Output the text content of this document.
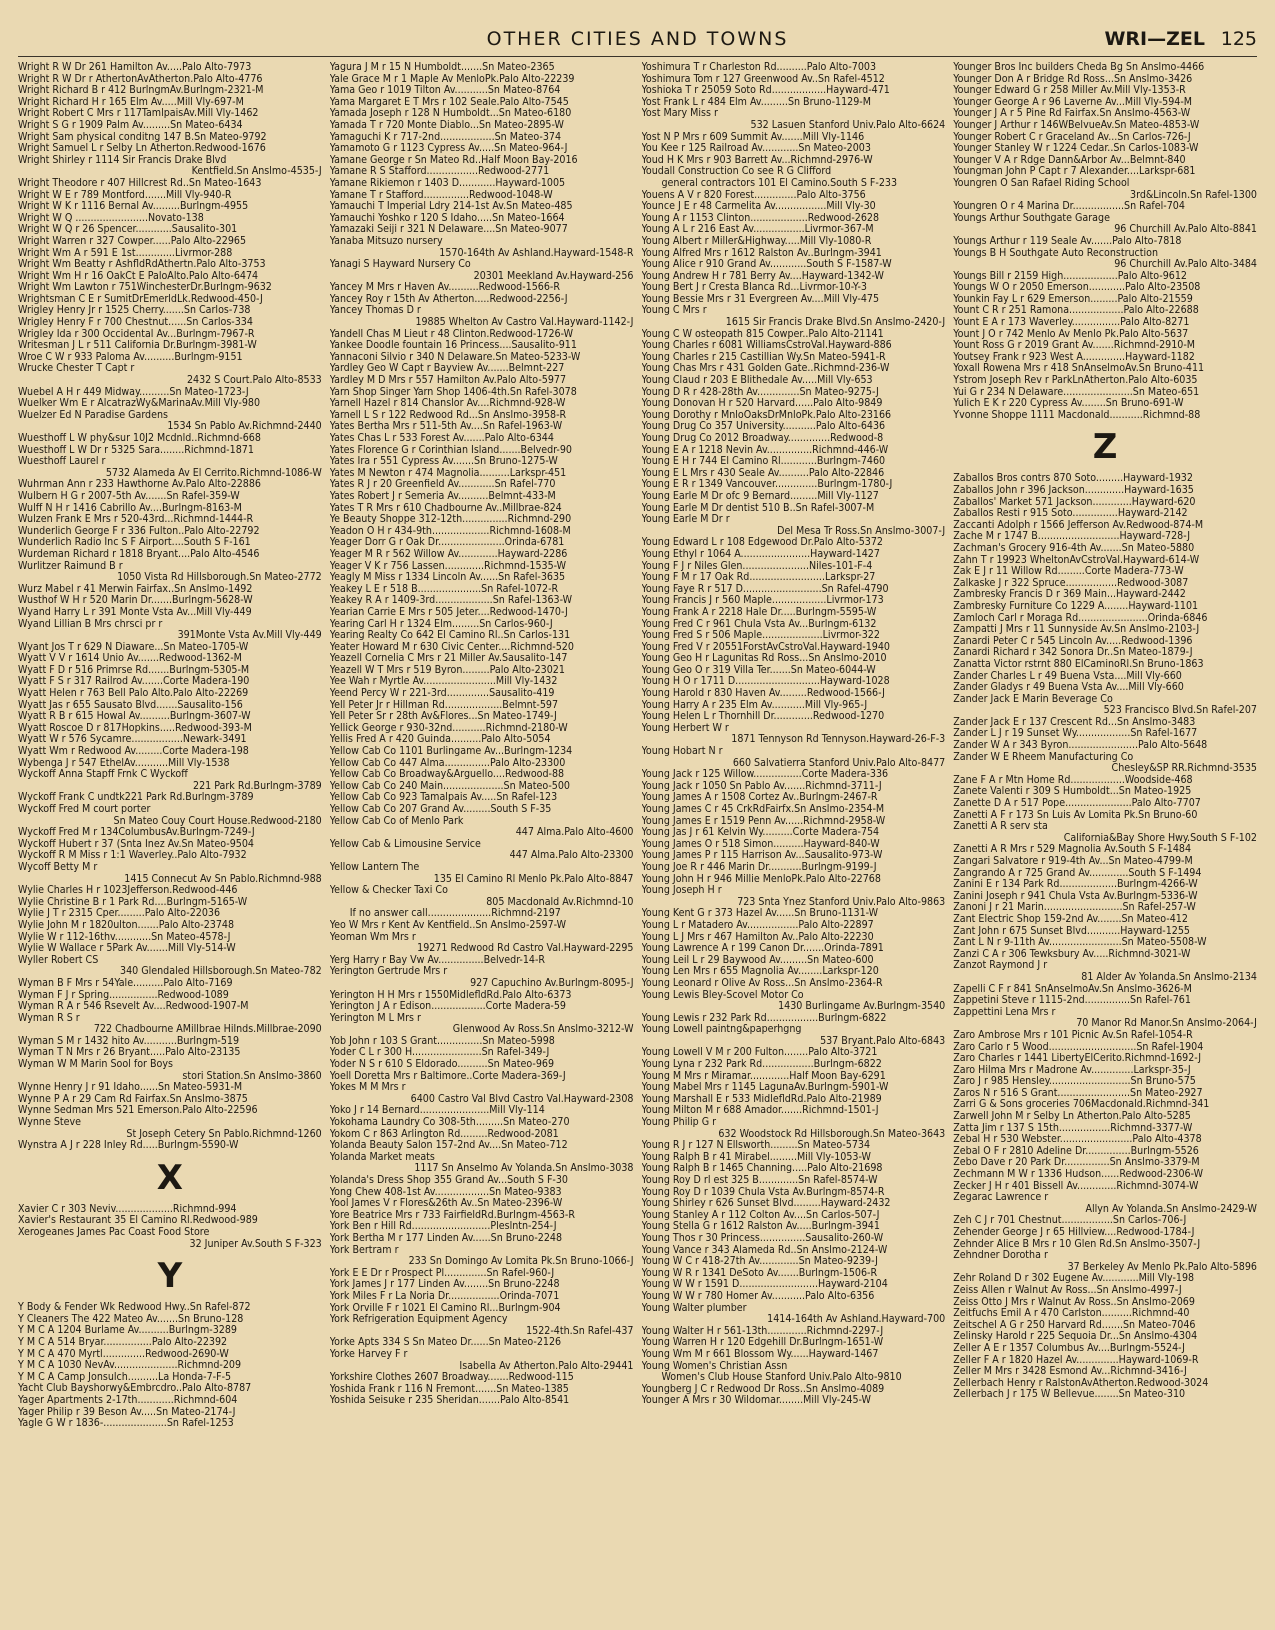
OTHER CITIES AND TOWNS	WRI—ZEL 125
Wright R W Dr 261 Hamilton Av.....Palo Alto-7973
Wright R W Dr r AthertonAvAtherton.Palo Alto-4776
Wright Richard B r 412 BurlngmAv.Burlngm-2321-M
Wright Richard H r 165 Elm Av.....Mill Vly-697-M
Wright Robert C Mrs r 117TamlpaisAv.Mill Vly-1462
Wright S G r 1909 Palm Av.........Sn Mateo-6434
Wright Sam physical conditng 147 B.Sn Mateo-9792
Wright Samuel L r Selby Ln Atherton.Redwood-1676
Wright Shirley r 1114 Sir Francis Drake Blvd
Kentfield.Sn Anslmo-4535-J
Wright Theodore r 407 Hillcrest Rd..Sn Mateo-1643
Wright W E r 789 Montford.......Mill Vly-940-R
Wright W K r 1116 Bernal Av.........Burlngm-4955
Wright W Q ........................Novato-138
Wright W Q r 26 Spencer............Sausalito-301
Wright Warren r 327 Cowper......Palo Alto-22965
Wright Wm A r 591 E 1st.............Livrmor-288
Wright Wm Beatty r AshfldRdAthertn.Palo Alto-3753
Wright Wm H r 16 OakCt E PaloAlto.Palo Alto-6474
Wright Wm Lawton r 751WinchesterDr.Burlngm-9632
Wrightsman C E r SumitDrEmerldLk.Redwood-450-J
Wrigley Henry Jr r 1525 Cherry.......Sn Carlos-738
Wrigley Henry F r 700 Chestnut......Sn Carlos-334
Wrigley Ida r 300 Occidental Av...Burlngm-7967-R
Writesman J L r 511 California Dr.Burlngm-3981-W
Wroe C W r 933 Paloma Av..........Burlngm-9151
Wrucke Chester T Capt r
2432 S Court.Palo Alto-8533
Wuebel A H r 449 Midway..........Sn Mateo-1723-J
Wuelker Wm E r AlcatrazWy&MarinaAv.Mill Vly-980
Wuelzer Ed N Paradise Gardens
1534 Sn Pablo Av.Richmnd-2440
Wuesthoff L W phy&sur 10J2 Mcdnld..Richmnd-668
Wuesthoff L W Dr r 5325 Sara........Richmnd-1871
Wuesthoff Laurel r
5732 Alameda Av El Cerrito.Richmnd-1086-W
Wuhrman Ann r 233 Hawthorne Av.Palo Alto-22886
Wulbern H G r 2007-5th Av.......Sn Rafel-359-W
Wulff N H r 1416 Cabrillo Av....Burlngm-8163-M
Wulzen Frank E Mrs r 520-43rd...Richmnd-1444-R
Wunderlich George F r 336 Fulton..Palo Alto-22792
Wunderlich Radio Inc S F Airport....South S F-161
Wurdeman Richard r 1818 Bryant....Palo Alto-4546
Wurlitzer Raimund B r
1050 Vista Rd Hillsborough.Sn Mateo-2772
Wurz Mabel r 41 Merwin Fairfax..Sn Anslmo-1492
Wusthof W H r 520 Marin Dr.......Burlngm-5628-W
Wyand Harry L r 391 Monte Vsta Av...Mill Vly-449
Wyand Lillian B Mrs chrsci pr r
391Monte Vsta Av.Mill Vly-449
Wyant Jos T r 629 N Diaware...Sn Mateo-1705-W
Wyatt V V r 1614 Unio Av.......Redwood-1362-M
Wyatt F D r 516 Primrse Rd.......Burlngm-5305-M
Wyatt F S r 317 Railrod Av.......Corte Madera-190
Wyatt Helen r 763 Bell Palo Alto.Palo Alto-22269
Wyatt Jas r 655 Sausato Blvd.......Sausalito-156
Wyatt R B r 615 Howal Av..........Burlngm-3607-W
Wyatt Roscoe D r 817Hopkins.....Redwood-393-M
Wyatt W r 576 Sycamre.................Newark-3491
Wyatt Wm r Redwood Av.........Corte Madera-198
Wybenga J r 547 EthelAv...........Mill Vly-1538
Wyckoff Anna Stapff Frnk C Wyckoff
221 Park Rd.Burlngm-3789
Wyckoff Frank C undtk221 Park Rd.Burlngm-3789
Wyckoff Fred M court porter
Sn Mateo Couy Court House.Redwood-2180
Wyckoff Fred M r 134ColumbusAv.Burlngm-7249-J
Wyckoff Hubert r 37 (Snta Inez Av.Sn Mateo-9504
Wyckoff R M Miss r 1:1 Waverley..Palo Alto-7932
Wycoff Betty M r
1415 Connecut Av Sn Pablo.Richmnd-988
Wylie Charles H r 1023Jefferson.Redwood-446
Wylie Christine B r 1 Park Rd....Burlngm-5165-W
Wylie J T r 2315 Cper.........Palo Alto-22036
Wylie John M r 1820ulton.......Palo Alto-23748
Wylie W r 112-16thv............Sn Mateo-4578-J
Wylie W Wallace r 5Park Av.......Mill Vly-514-W
Wyller Robert CS
340 Glendaled Hillsborough.Sn Mateo-782
Wyman B F Mrs r 54Yale..........Palo Alto-7169
Wyman F J r Spring................Redwood-1089
Wyman R A r 546 Rsevelt Av....Redwood-1907-M
Wyman R S r
722 Chadbourne AMillbrae Hilnds.Millbrae-2090
Wyman S M r 1432 hito Av...........Burlngm-519
Wyman T N Mrs r 26 Bryant.....Palo Alto-23135
Wyman W M Marin Sool for Boys
stori Station.Sn Anslmo-3860
Wynne Henry J r 91 Idaho......Sn Mateo-5931-M
Wynne P A r 29 Cam Rd Fairfax.Sn Anslmo-3875
Wynne Sedman Mrs 521 Emerson.Palo Alto-22596
Wynne Steve
St Joseph Cetery Sn Pablo.Richmnd-1260
Wynstra A J r 228 Inley Rd.....Burlngm-5590-W
X
Xavier C r 303 Neviv...................Richmnd-994
Xavier's Restaurant 35 El Camino Rl.Redwood-989
Xerogeanes James Pac Coast Food Store
32 Juniper Av.South S F-323
Y
Y Body & Fender Wk Redwood Hwy..Sn Rafel-872
Y Cleaners The 422 Mateo Av.......Sn Bruno-128
Y M C A 1204 Burlame Av..........Burlngm-3289
Y M C A 514 Bryar................Palo Alto-22392
Y M C A 470 Myrtl..............Redwood-2690-W
Y M C A 1030 NevAv.....................Richmnd-209
Y M C A Camp Jonsulch..........La Honda-7-F-5
Yacht Club Bayshorwy&Embrcdro..Palo Alto-8787
Yager Apartments 2-17th............Richmnd-604
Yager Philip r 39 Beson Av.....Sn Mateo-2174-J
Yagle G W r 1836-.....................Sn Rafel-1253
Yagura J M r 15 N Humboldt.......Sn Mateo-2365
Yale Grace M r 1 Maple Av MenloPk.Palo Alto-22239
Yama Geo r 1019 Tilton Av...........Sn Mateo-8764
Yama Margaret E T Mrs r 102 Seale.Palo Alto-7545
Yamada Joseph r 128 N Humboldt...Sn Mateo-6180
Yamada T r 720 Monte Diablo...Sn Mateo-2895-W
Yamaguchi K r 717-2nd..................Sn Mateo-374
Yamamoto G r 1123 Cypress Av.....Sn Mateo-964-J
Yamane George r Sn Mateo Rd..Half Moon Bay-2016
Yamane R S Stafford.................Redwood-2771
Yamane Rikiemon r 1403 D............Hayward-1005
Yamane T r Stafford...............Redwood-1048-W
Yamauchi T Imperial Ldry 214-1st Av.Sn Mateo-485
Yamauchi Yoshko r 120 S Idaho.....Sn Mateo-1664
Yamazaki Seiji r 321 N Delaware....Sn Mateo-9077
Yanaba Mitsuzo nursery
1570-164th Av Ashland.Hayward-1548-R
Yanagi S Hayward Nursery Co
20301 Meekland Av.Hayward-256
Yancey M Mrs r Haven Av..........Redwood-1566-R
Yancey Roy r 15th Av Atherton.....Redwood-2256-J
Yancey Thomas D r
19885 Whelton Av Castro Val.Hayward-1142-J
Yandell Chas M Lieut r 48 Clinton.Redwood-1726-W
Yankee Doodle fountain 16 Princess....Sausalito-911
Yannaconi Silvio r 340 N Delaware.Sn Mateo-5233-W
Yardley Geo W Capt r Bayview Av.......Belmnt-227
Yardley M D Mrs r 557 Hamilton Av.Palo Alto-5977
Yarn Shop Singer Yarn Shop 1406-4th.Sn Rafel-3078
Yarnell Hazel r 814 Chanslor Av....Richmnd-928-W
Yarnell L S r 122 Redwood Rd...Sn Anslmo-3958-R
Yates Bertha Mrs r 511-5th Av....Sn Rafel-1963-W
Yates Chas L r 533 Forest Av.......Palo Alto-6344
Yates Florence G r Corinthian Island.......Belvedr-90
Yates Ira r 551 Cypress Av.......Sn Bruno-1275-W
Yates M Newton r 474 Magnolia..........Larkspr-451
Yates R J r 20 Greenfield Av............Sn Rafel-770
Yates Robert J r Semeria Av..........Belmnt-433-M
Yates T R Mrs r 610 Chadbourne Av..Millbrae-824
Ye Beauty Shoppe 312-12th...............Richmnd-290
Yeadon O H r 434-9th...................Richmnd-1608-M
Yeager Dorr G r Oak Dr......................Orinda-6781
Yeager M R r 562 Willow Av.............Hayward-2286
Yeager V K r 756 Lassen.............Richmnd-1535-W
Yeagly M Miss r 1334 Lincoln Av......Sn Rafel-3635
Yeakey L E r 518 B.....................Sn Rafel-1072-R
Yeakey R A r 1409-3rd...................Sn Rafel-1363-W
Yearian Carrie E Mrs r 505 Jeter....Redwood-1470-J
Yearing Carl H r 1324 Elm.........Sn Carlos-960-J
Yearing Realty Co 642 El Camino Rl..Sn Carlos-131
Yeater Howard M r 630 Civic Center....Richmnd-520
Yeazell Cornelia C Mrs r 21 Miller Av.Sausalito-147
Yeazell W T Mrs r 519 Byron.........Palo Alto-23021
Yee Wah r Myrtle Av........................Mill Vly-1432
Yeend Percy W r 221-3rd..............Sausalito-419
Yell Peter Jr r Hillman Rd...................Belmnt-597
Yell Peter Sr r 28th Av&Flores...Sn Mateo-1749-J
Yellick George r 930-32nd...........Richmnd-2180-W
Yellis Fred A r 420 Guinda..........Palo Alto-5054
Yellow Cab Co 1101 Burlingame Av...Burlngm-1234
Yellow Cab Co 447 Alma...............Palo Alto-23300
Yellow Cab Co Broadway&Arguello....Redwood-88
Yellow Cab Co 240 Main....................Sn Mateo-500
Yellow Cab Co 923 Tamalpais Av.....Sn Rafel-123
Yellow Cab Co 207 Grand Av.........South S F-35
Yellow Cab Co of Menlo Park
447 Alma.Palo Alto-4600
Yellow Cab & Limousine Service
447 Alma.Palo Alto-23300
Yellow Lantern The
135 El Camino Rl Menlo Pk.Palo Alto-8847
Yellow & Checker Taxi Co
805 Macdonald Av.Richmnd-10
If no answer call.....................Richmnd-2197
Yeo W Mrs r Kent Av Kentfield..Sn Anslmo-2597-W
Yeoman Wm Mrs r
19271 Redwood Rd Castro Val.Hayward-2295
Yerg Harry r Bay Vw Av...............Belvedr-14-R
Yerington Gertrude Mrs r
927 Capuchino Av.Burlngm-8095-J
Yerington H H Mrs r 1550MidlefldRd.Palo Alto-6373
Yerington J A r Edison..................Corte Madera-59
Yerington M L Mrs r
Glenwood Av Ross.Sn Anslmo-3212-W
Yob John r 103 S Grant...............Sn Mateo-5998
Yoder C L r 300 H.......................Sn Rafel-349-J
Yoder N S r 610 S Eldorado..........Sn Mateo-969
Yoell Doretta Mrs r Baltimore..Corte Madera-369-J
Yokes M M Mrs r
6400 Castro Val Blvd Castro Val.Hayward-2308
Yoko J r 14 Bernard.......................Mill Vly-114
Yokohama Laundry Co 308-5th.........Sn Mateo-270
Yokom C r 863 Arlington Rd.........Redwood-2081
Yolanda Beauty Salon 157-2nd Av....Sn Mateo-712
Yolanda Market meats
1117 Sn Anselmo Av Yolanda.Sn Anslmo-3038
Yolanda's Dress Shop 355 Grand Av...South S F-30
Yong Chew 408-1st Av..................Sn Mateo-9383
Yool James V r Flores&26th Av..Sn Mateo-2396-W
Yore Beatrice Mrs r 733 FairfieldRd.Burlngm-4563-R
York Ben r Hill Rd..........................Pleslntn-254-J
York Bertha M r 177 Linden Av......Sn Bruno-2248
York Bertram r
233 Sn Domingo Av Lomita Pk.Sn Bruno-1066-J
York E E Dr r Prospect Pl..............Sn Rafel-960-J
York James J r 177 Linden Av........Sn Bruno-2248
York Miles F r La Noria Dr.................Orinda-7071
York Orville F r 1021 El Camino Rl...Burlngm-904
York Refrigeration Equipment Agency
1522-4th.Sn Rafel-437
Yorke Apts 334 S Sn Mateo Dr......Sn Mateo-2126
Yorke Harvey F r
Isabella Av Atherton.Palo Alto-29441
Yorkshire Clothes 2607 Broadway.......Redwood-115
Yoshida Frank r 116 N Fremont.......Sn Mateo-1385
Yoshida Seisuke r 235 Sheridan.......Palo Alto-8541
Yoshimura T r Charleston Rd..........Palo Alto-7003
Yoshimura Tom r 127 Greenwood Av..Sn Rafel-4512
Yoshioka T r 25059 Soto Rd..................Hayward-471
Yost Frank L r 484 Elm Av.........Sn Bruno-1129-M
Yost Mary Miss r
532 Lasuen Stanford Univ.Palo Alto-6624
Yost N P Mrs r 609 Summit Av.......Mill Vly-1146
You Kee r 125 Railroad Av............Sn Mateo-2003
Youd H K Mrs r 903 Barrett Av...Richmnd-2976-W
Youdall Construction Co see R G Clifford
general contractors 101 El Camino.South S F-233
Youens A V r 820 Forest..............Palo Alto-3756
Younce J E r 48 Carmelita Av.................Mill Vly-30
Young A r 1153 Clinton...................Redwood-2628
Young A L r 216 East Av.................Livrmor-367-M
Young Albert r Miller&Highway.....Mill Vly-1080-R
Young Alfred Mrs r 1612 Ralston Av..Burlngm-3941
Young Alice r 910 Grand Av............South S F-1587-W
Young Andrew H r 781 Berry Av....Hayward-1342-W
Young Bert J r Cresta Blanca Rd...Livrmor-10-Y-3
Young Bessie Mrs r 31 Evergreen Av....Mill Vly-475
Young C Mrs r
1615 Sir Francis Drake Blvd.Sn Anslmo-2420-J
Young C W osteopath 815 Cowper..Palo Alto-21141
Young Charles r 6081 WilliamsCstroVal.Hayward-886
Young Charles r 215 Castillian Wy.Sn Mateo-5941-R
Young Chas Mrs r 431 Golden Gate..Richmnd-236-W
Young Claud r 203 E Blithedale Av.....Mill Vly-653
Young D R r 428-28th Av..............Sn Mateo-9275-J
Young Donovan H r 520 Harvard......Palo Alto-9849
Young Dorothy r MnloOaksDrMnloPk.Palo Alto-23166
Young Drug Co 357 University...........Palo Alto-6436
Young Drug Co 2012 Broadway..............Redwood-8
Young E A r 1218 Nevin Av...............Richmnd-446-W
Young E H r 744 El Camino Rl............Burlngm-7460
Young E L Mrs r 430 Seale Av..........Palo Alto-22846
Young E R r 1349 Vancouver..............Burlngm-1780-J
Young Earle M Dr ofc 9 Bernard.........Mill Vly-1127
Young Earle M Dr dentist 510 B..Sn Rafel-3007-M
Young Earle M Dr r
Del Mesa Tr Ross.Sn Anslmo-3007-J
Young Edward L r 108 Edgewood Dr.Palo Alto-5372
Young Ethyl r 1064 A.......................Hayward-1427
Young F J r Niles Glen......................Niles-101-F-4
Young F M r 17 Oak Rd.........................Larkspr-27
Young Faye R r 517 D..........................Sn Rafel-4790
Young Francis J r 560 Maple..................Livrmor-173
Young Frank A r 2218 Hale Dr.....Burlngm-5595-W
Young Fred C r 961 Chula Vsta Av...Burlngm-6132
Young Fred S r 506 Maple....................Livrmor-322
Young Fred V r 20551ForstAvCstroVal.Hayward-1940
Young Geo H r Lagunitas Rd Ross...Sn Anslmo-2010
Young Geo O r 319 Villa Ter.......Sn Mateo-6044-W
Young H O r 1711 D............................Hayward-1028
Young Harold r 830 Haven Av.........Redwood-1566-J
Young Harry A r 235 Elm Av...........Mill Vly-965-J
Young Helen L r Thornhill Dr.............Redwood-1270
Young Herbert W r
1871 Tennyson Rd Tennyson.Hayward-26-F-3
Young Hobart N r
660 Salvatierra Stanford Univ.Palo Alto-8477
Young Jack r 125 Willow................Corte Madera-336
Young Jack r 1050 Sn Pablo Av.......Richmnd-3711-J
Young James A r 1508 Cortez Av..Burlngm-2467-R
Young James C r 45 CrkRdFairfx.Sn Anslmo-2354-M
Young James E r 1519 Penn Av......Richmnd-2958-W
Young Jas J r 61 Kelvin Wy..........Corte Madera-754
Young James O r 518 Simon..........Hayward-840-W
Young James P r 115 Harrison Av...Sausalito-973-W
Young Joe R r 446 Marin Dr...........Burlngm-9199-J
Young John H r 946 Millie MenloPk.Palo Alto-22768
Young Joseph H r
723 Snta Ynez Stanford Univ.Palo Alto-9863
Young Kent G r 373 Hazel Av......Sn Bruno-1131-W
Young L r Matadero Av.................Palo Alto-22897
Young L J Mrs r 467 Hamilton Av..Palo Alto-22230
Young Lawrence A r 199 Canon Dr.......Orinda-7891
Young Leil L r 29 Baywood Av.........Sn Mateo-600
Young Len Mrs r 655 Magnolia Av........Larkspr-120
Young Leonard r Olive Av Ross...Sn Anslmo-2364-R
Young Lewis Bley-Scovel Motor Co
1430 Burlingame Av.Burlngm-3540
Young Lewis r 232 Park Rd.................Burlngm-6822
Young Lowell paintng&paperhgng
537 Bryant.Palo Alto-6843
Young Lowell V M r 200 Fulton........Palo Alto-3721
Young Lyna r 232 Park Rd.................Burlngm-6822
Young M Mrs r Miramar.............Half Moon Bay-6291
Young Mabel Mrs r 1145 LagunaAv.Burlngm-5901-W
Young Marshall E r 533 MidlefldRd.Palo Alto-21989
Young Milton M r 688 Amador.......Richmnd-1501-J
Young Philip G r
632 Woodstock Rd Hillsborough.Sn Mateo-3643
Young R J r 127 N Ellsworth.........Sn Mateo-5734
Young Ralph B r 41 Mirabel.........Mill Vly-1053-W
Young Ralph B r 1465 Channing.....Palo Alto-21698
Young Roy D rl est 325 B.............Sn Rafel-8574-W
Young Roy D r 1039 Chula Vsta Av.Burlngm-8574-R
Young Shirley r 626 Sunset Blvd.........Hayward-2432
Young Stanley A r 112 Colton Av....Sn Carlos-507-J
Young Stella G r 1612 Ralston Av.....Burlngm-3941
Young Thos r 30 Princess...............Sausalito-260-W
Young Vance r 343 Alameda Rd..Sn Anslmo-2124-W
Young W C r 418-27th Av.............Sn Mateo-9239-J
Young W R r 1341 DeSoto Av.......Burlngm-1506-R
Young W W r 1591 D..........................Hayward-2104
Young W W r 780 Homer Av...........Palo Alto-6356
Young Walter plumber
1414-164th Av Ashland.Hayward-700
Young Walter H r 561-13th.............Richmnd-2297-J
Young Warren H r 120 Edgehill Dr.Burlngm-1651-W
Young Wm M r 661 Blossom Wy......Hayward-1467
Young Women's Christian Assn
Women's Club House Stanford Univ.Palo Alto-9810
Youngberg J C r Redwood Dr Ross..Sn Anslmo-4089
Younger A Mrs r 30 Wildomar........Mill Vly-245-W
Younger Bros Inc builders Cheda Bg Sn Anslmo-4466
Younger Don A r Bridge Rd Ross...Sn Anslmo-3426
Younger Edward G r 258 Miller Av.Mill Vly-1353-R
Younger George A r 96 Laverne Av...Mill Vly-594-M
Younger J A r 5 Pine Rd Fairfax.Sn Anslmo-4563-W
Younger J Arthur r 146WBelvueAv.Sn Mateo-4853-W
Younger Robert C r Graceland Av...Sn Carlos-726-J
Younger Stanley W r 1224 Cedar..Sn Carlos-1083-W
Younger V A r Rdge Dann&Arbor Av...Belmnt-840
Youngman John P Capt r 7 Alexander....Larkspr-681
Youngren O San Rafael Riding School
3rd&Lincoln.Sn Rafel-1300
Youngren O r 4 Marina Dr.................Sn Rafel-704
Youngs Arthur Southgate Garage
96 Churchill Av.Palo Alto-8841
Youngs Arthur r 119 Seale Av.......Palo Alto-7818
Youngs B H Southgate Auto Reconstruction
96 Churchill Av.Palo Alto-3484
Youngs Bill r 2159 High..................Palo Alto-9612
Youngs W O r 2050 Emerson............Palo Alto-23508
Younkin Fay L r 629 Emerson.........Palo Alto-21559
Yount C R r 251 Ramona..................Palo Alto-22688
Yount E A r 173 Waverley................Palo Alto-8271
Yount J O r 742 Menlo Av Menlo Pk.Palo Alto-5637
Yount Ross G r 2019 Grant Av.......Richmnd-2910-M
Youtsey Frank r 923 West A..............Hayward-1182
Yoxall Rowena Mrs r 418 SnAnselmoAv.Sn Bruno-411
Ystrom Joseph Rev r ParkLnAtherton.Palo Alto-6035
Yui G r 234 N Delaware.......................Sn Mateo-651
Yulich E K r 220 Cypress Av........Sn Bruno-691-W
Yvonne Shoppe 1111 Macdonald...........Richmnd-88
Z
Zaballos Bros contrs 870 Soto.........Hayward-1932
Zaballos John r 396 Jackson.............Hayward-1635
Zaballos' Market 571 Jackson.............Hayward-620
Zaballos Resti r 915 Soto...............Hayward-2142
Zaccanti Adolph r 1566 Jefferson Av.Redwood-874-M
Zache M r 1747 B...........................Hayward-728-J
Zachman's Grocery 916-4th Av.......Sn Mateo-5880
Zahn T r 19923 WheltonAvCstroVal.Hayward-614-W
Zak E J r 11 Willow Rd.........Corte Madera-773-W
Zalkaske J r 322 Spruce.................Redwood-3087
Zambresky Francis D r 369 Main...Hayward-2442
Zambresky Furniture Co 1229 A........Hayward-1101
Zamloch Carl r Moraga Rd.......................Orinda-6846
Zampatti J Mrs r 11 Sunnyside Av.Sn Anslmo-2103-J
Zanardi Peter C r 545 Lincoln Av.....Redwood-1396
Zanardi Richard r 342 Sonora Dr..Sn Mateo-1879-J
Zanatta Victor rstrnt 880 ElCaminoRl.Sn Bruno-1863
Zander Charles L r 49 Buena Vsta....Mill Vly-660
Zander Gladys r 49 Buena Vsta Av....Mill Vly-660
Zander Jack E Marin Beverage Co
523 Francisco Blvd.Sn Rafel-207
Zander Jack E r 137 Crescent Rd...Sn Anslmo-3483
Zander L J r 19 Sunset Wy..................Sn Rafel-1677
Zander W A r 343 Byron.......................Palo Alto-5648
Zander W E Rheem Manufacturing Co
Chesley&SP RR.Richmnd-3535
Zane F A r Mtn Home Rd..................Woodside-468
Zanete Valenti r 309 S Humboldt...Sn Mateo-1925
Zanette D A r 517 Pope......................Palo Alto-7707
Zanetti A F r 173 Sn Luis Av Lomita Pk.Sn Bruno-60
Zanetti A R serv sta
California&Bay Shore Hwy.South S F-102
Zanetti A R Mrs r 529 Magnolia Av.South S F-1484
Zangari Salvatore r 919-4th Av...Sn Mateo-4799-M
Zangrando A r 725 Grand Av.............South S F-1494
Zanini E r 134 Park Rd...................Burlngm-4266-W
Zanini Joseph r 941 Chula Vsta Av.Burlngm-5336-W
Zanoni J r 21 Marin..........................Sn Rafel-257-W
Zant Electric Shop 159-2nd Av........Sn Mateo-412
Zant John r 675 Sunset Blvd...........Hayward-1255
Zant L N r 9-11th Av........................Sn Mateo-5508-W
Zanzi C A r 306 Tewksbury Av.....Richmnd-3021-W
Zanzot Raymond J r
81 Alder Av Yolanda.Sn Anslmo-2134
Zapelli C F r 841 SnAnselmoAv.Sn Anslmo-3626-M
Zappetini Steve r 1115-2nd...............Sn Rafel-761
Zappettini Lena Mrs r
70 Manor Rd Manor.Sn Anslmo-2064-J
Zaro Ambrose Mrs r 101 Picnic Av.Sn Rafel-1054-R
Zaro Carlo r 5 Wood.............................Sn Rafel-1904
Zaro Charles r 1441 LibertyElCerito.Richmnd-1692-J
Zaro Hilma Mrs r Madrone Av..............Larkspr-35-J
Zaro J r 985 Hensley...........................Sn Bruno-575
Zaros N r 516 S Grant........................Sn Mateo-2927
Zarri G & Sons groceries 706Macdonald.Richmnd-341
Zarwell John M r Selby Ln Atherton.Palo Alto-5285
Zatta Jim r 137 S 15th.................Richmnd-3377-W
Zebal H r 530 Webster........................Palo Alto-4378
Zebal O F r 2810 Adeline Dr...............Burlngm-5526
Zebo Dave r 20 Park Dr...............Sn Anslmo-3379-M
Zechmann M W r 1336 Hudson......Redwood-2306-W
Zecker J H r 401 Bissell Av.............Richmnd-3074-W
Zegarac Lawrence r
Allyn Av Yolanda.Sn Anslmo-2429-W
Zeh C J r 701 Chestnut.................Sn Carlos-706-J
Zehender George J r 65 Hillview....Redwood-1784-J
Zehnder Alice B Mrs r 10 Glen Rd.Sn Anslmo-3507-J
Zehndner Dorotha r
37 Berkeley Av Menlo Pk.Palo Alto-5896
Zehr Roland D r 302 Eugene Av............Mill Vly-198
Zeiss Allen r Walnut Av Ross...Sn Anslmo-4997-J
Zeiss Otto J Mrs r Walnut Av Ross..Sn Anslmo-2069
Zeitfuchs Emil A r 470 Carlston..........Richmnd-40
Zeitschel A G r 250 Harvard Rd.......Sn Mateo-7046
Zelinsky Harold r 225 Sequoia Dr...Sn Anslmo-4304
Zeller A E r 1357 Columbus Av....Burlngm-5524-J
Zeller F A r 1820 Hazel Av..............Hayward-1069-R
Zeller M Mrs r 3428 Esmond Av...Richmnd-3416-J
Zellerbach Henry r RalstonAvAtherton.Redwood-3024
Zellerbach J r 175 W Bellevue........Sn Mateo-310
